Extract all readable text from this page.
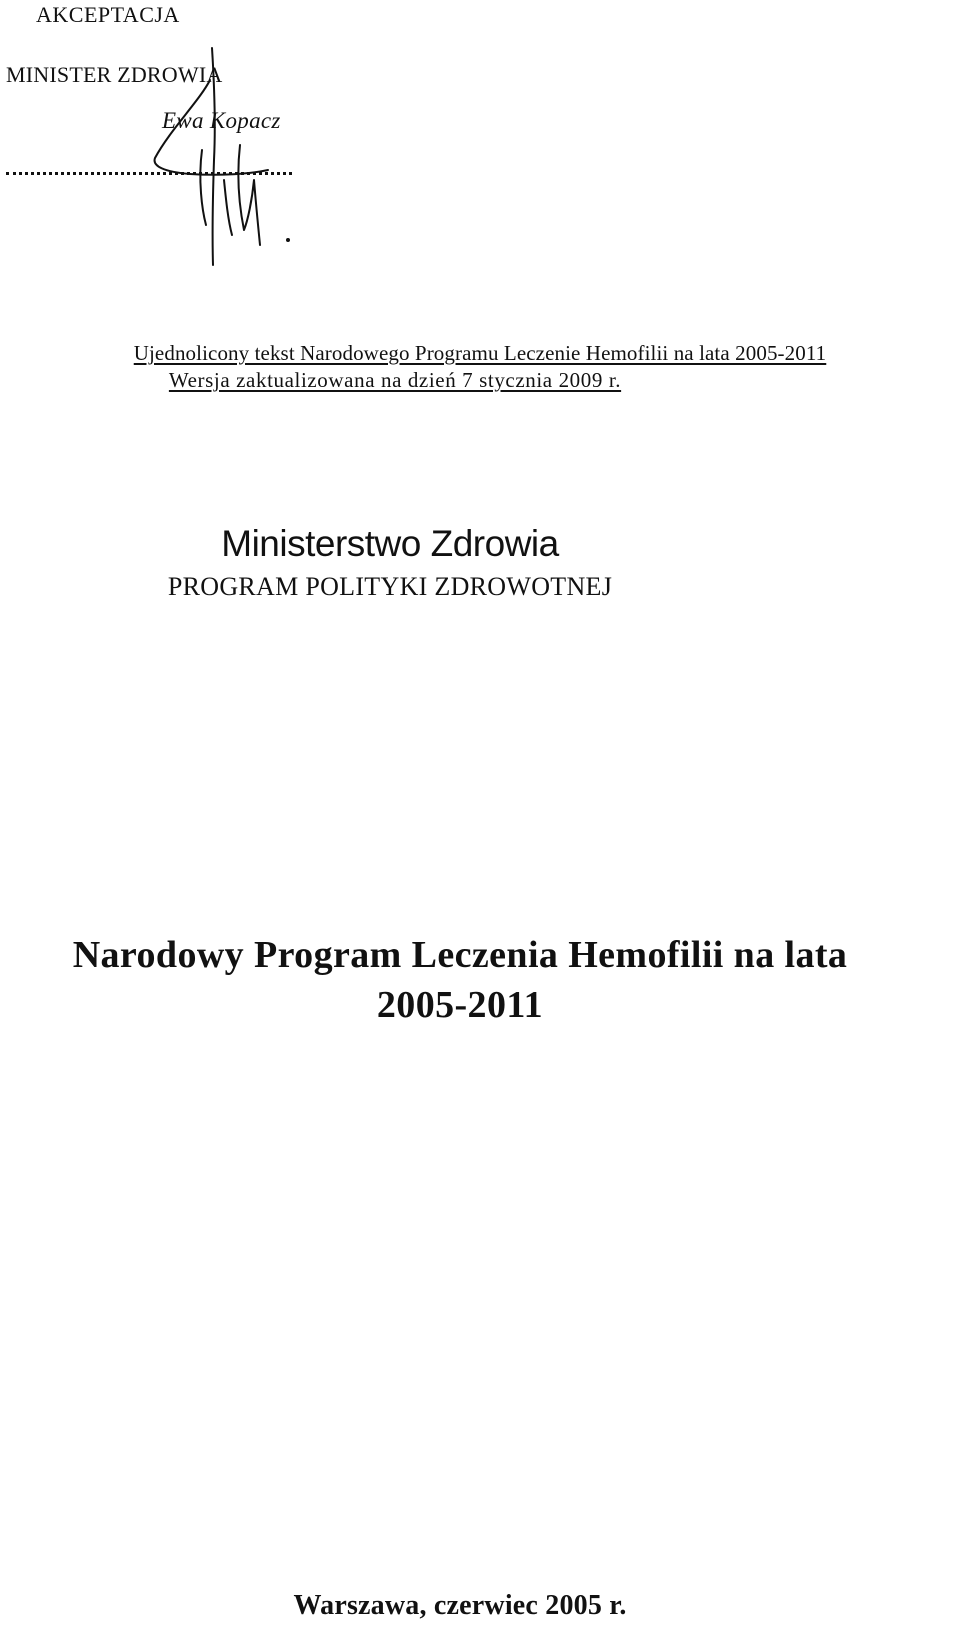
AKCEPTACJA
MINISTER ZDROWIA
Ewa Kopacz
Ujednolicony tekst Narodowego Programu Leczenie Hemofilii na lata 2005-2011
Wersja zaktualizowana na dzień 7 stycznia 2009 r.
Ministerstwo Zdrowia
PROGRAM POLITYKI ZDROWOTNEJ
Narodowy Program Leczenia Hemofilii na lata
2005-2011
Warszawa, czerwiec 2005 r.
